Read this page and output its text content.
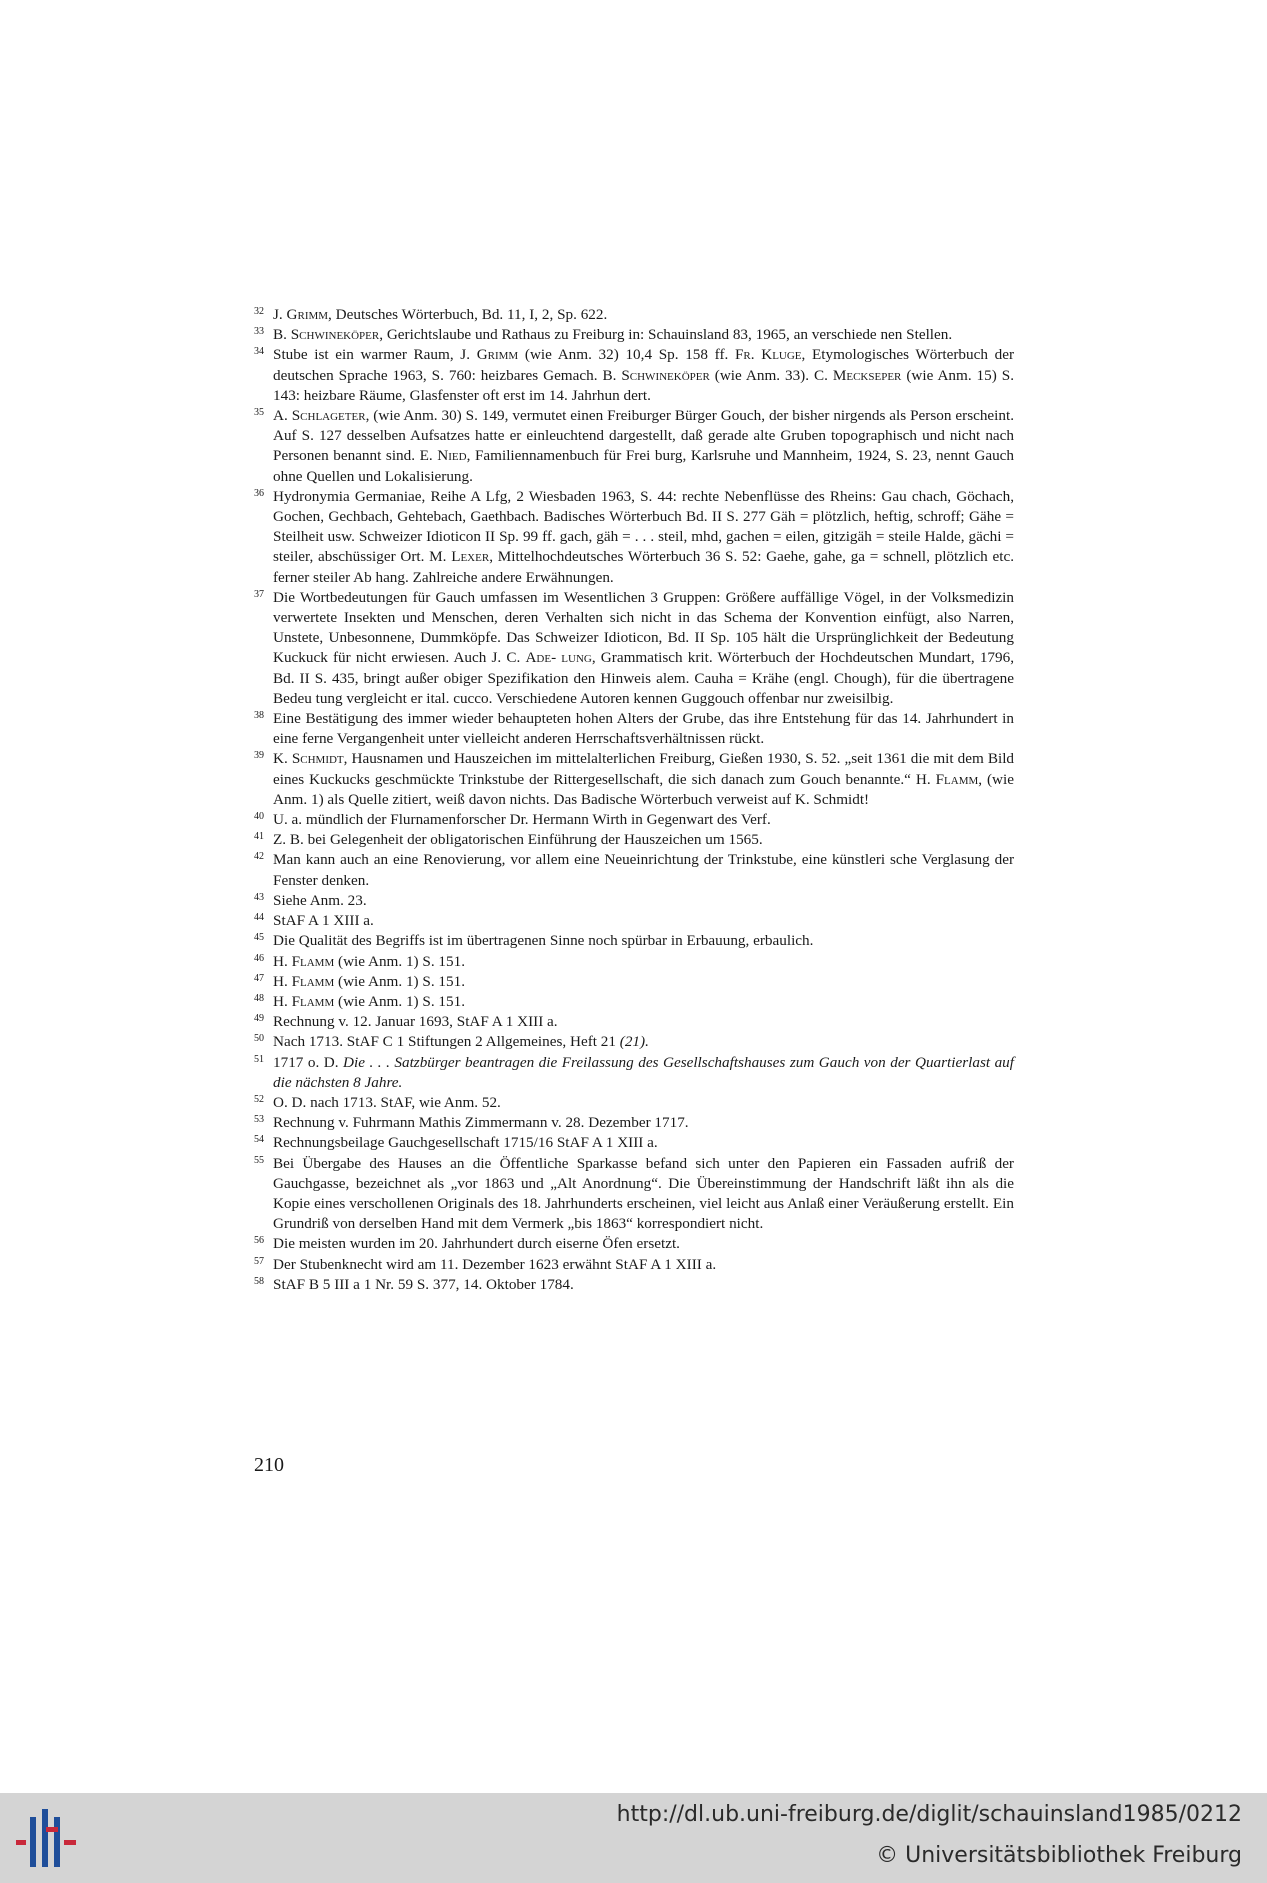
32 J. Grimm, Deutsches Wörterbuch, Bd. 11, I, 2, Sp. 622.
33 B. Schwineköper, Gerichtslaube und Rathaus zu Freiburg in: Schauinsland 83, 1965, an verschiede nen Stellen.
34 Stube ist ein warmer Raum, J. Grimm (wie Anm. 32) 10,4 Sp. 158 ff. Fr. Kluge, Etymologisches Wörterbuch der deutschen Sprache 1963, S. 760: heizbares Gemach. B. Schwineköper (wie Anm. 33). C. Meckseper (wie Anm. 15) S. 143: heizbare Räume, Glasfenster oft erst im 14. Jahrhun dert.
35 A. Schlageter, (wie Anm. 30) S. 149, vermutet einen Freiburger Bürger Gouch, der bisher nirgends als Person erscheint. Auf S. 127 desselben Aufsatzes hatte er einleuchtend dargestellt, daß gerade alte Gruben topographisch und nicht nach Personen benannt sind. E. Nied, Familiennamenbuch für Frei burg, Karlsruhe und Mannheim, 1924, S. 23, nennt Gauch ohne Quellen und Lokalisierung.
36 Hydronymia Germaniae, Reihe A Lfg, 2 Wiesbaden 1963, S. 44: rechte Nebenflüsse des Rheins: Gau chach, Göchach, Gochen, Gechbach, Gehtebach, Gaethbach. Badisches Wörterbuch Bd. II S. 277 Gäh = plötzlich, heftig, schroff; Gähe = Steilheit usw. Schweizer Idioticon II Sp. 99 ff. gach, gäh = . . . steil, mhd, gachen = eilen, gitzigäh = steile Halde, gächi = steiler, abschüssiger Ort. M. Lexer, Mittelhochdeutsches Wörterbuch 36 S. 52: Gaehe, gahe, ga = schnell, plötzlich etc. ferner steiler Ab hang. Zahlreiche andere Erwähnungen.
37 Die Wortbedeutungen für Gauch umfassen im Wesentlichen 3 Gruppen: Größere auffällige Vögel, in der Volksmedizin verwertete Insekten und Menschen, deren Verhalten sich nicht in das Schema der Konvention einfügt, also Narren, Unstete, Unbesonnene, Dummköpfe. Das Schweizer Idioticon, Bd. II Sp. 105 hält die Ursprünglichkeit der Bedeutung Kuckuck für nicht erwiesen. Auch J. C. Ade- lung, Grammatisch krit. Wörterbuch der Hochdeutschen Mundart, 1796, Bd. II S. 435, bringt außer obiger Spezifikation den Hinweis alem. Cauha = Krähe (engl. Chough), für die übertragene Bedeu tung vergleicht er ital. cucco. Verschiedene Autoren kennen Guggouch offenbar nur zweisilbig.
38 Eine Bestätigung des immer wieder behaupteten hohen Alters der Grube, das ihre Entstehung für das 14. Jahrhundert in eine ferne Vergangenheit unter vielleicht anderen Herrschaftsverhältnissen rückt.
39 K. Schmidt, Hausnamen und Hauszeichen im mittelalterlichen Freiburg, Gießen 1930, S. 52. „seit 1361 die mit dem Bild eines Kuckucks geschmückte Trinkstube der Rittergesellschaft, die sich danach zum Gouch benannte.“ H. Flamm, (wie Anm. 1) als Quelle zitiert, weiß davon nichts. Das Badische Wörterbuch verweist auf K. Schmidt!
40 U. a. mündlich der Flurnamenforscher Dr. Hermann Wirth in Gegenwart des Verf.
41 Z. B. bei Gelegenheit der obligatorischen Einführung der Hauszeichen um 1565.
42 Man kann auch an eine Renovierung, vor allem eine Neueinrichtung der Trinkstube, eine künstleri sche Verglasung der Fenster denken.
43 Siehe Anm. 23.
44 StAF A 1 XIII a.
45 Die Qualität des Begriffs ist im übertragenen Sinne noch spürbar in Erbauung, erbaulich.
46 H. Flamm (wie Anm. 1) S. 151.
47 H. Flamm (wie Anm. 1) S. 151.
48 H. Flamm (wie Anm. 1) S. 151.
49 Rechnung v. 12. Januar 1693, StAF A 1 XIII a.
50 Nach 1713. StAF C 1 Stiftungen 2 Allgemeines, Heft 21 (21).
51 1717 o. D. Die . . . Satzbürger beantragen die Freilassung des Gesellschaftshauses zum Gauch von der Quartierlast auf die nächsten 8 Jahre.
52 O. D. nach 1713. StAF, wie Anm. 52.
53 Rechnung v. Fuhrmann Mathis Zimmermann v. 28. Dezember 1717.
54 Rechnungsbeilage Gauchgesellschaft 1715/16 StAF A 1 XIII a.
55 Bei Übergabe des Hauses an die Öffentliche Sparkasse befand sich unter den Papieren ein Fassaden aufriß der Gauchgasse, bezeichnet als „vor 1863 und „Alt Anordnung“. Die Übereinstimmung der Handschrift läßt ihn als die Kopie eines verschollenen Originals des 18. Jahrhunderts erscheinen, viel leicht aus Anlaß einer Veräußerung erstellt. Ein Grundriß von derselben Hand mit dem Vermerk „bis 1863“ korrespondiert nicht.
56 Die meisten wurden im 20. Jahrhundert durch eiserne Öfen ersetzt.
57 Der Stubenknecht wird am 11. Dezember 1623 erwähnt StAF A 1 XIII a.
58 StAF B 5 III a 1 Nr. 59 S. 377, 14. Oktober 1784.
210
http://dl.ub.uni-freiburg.de/diglit/schauinsland1985/0212
© Universitätsbibliothek Freiburg
